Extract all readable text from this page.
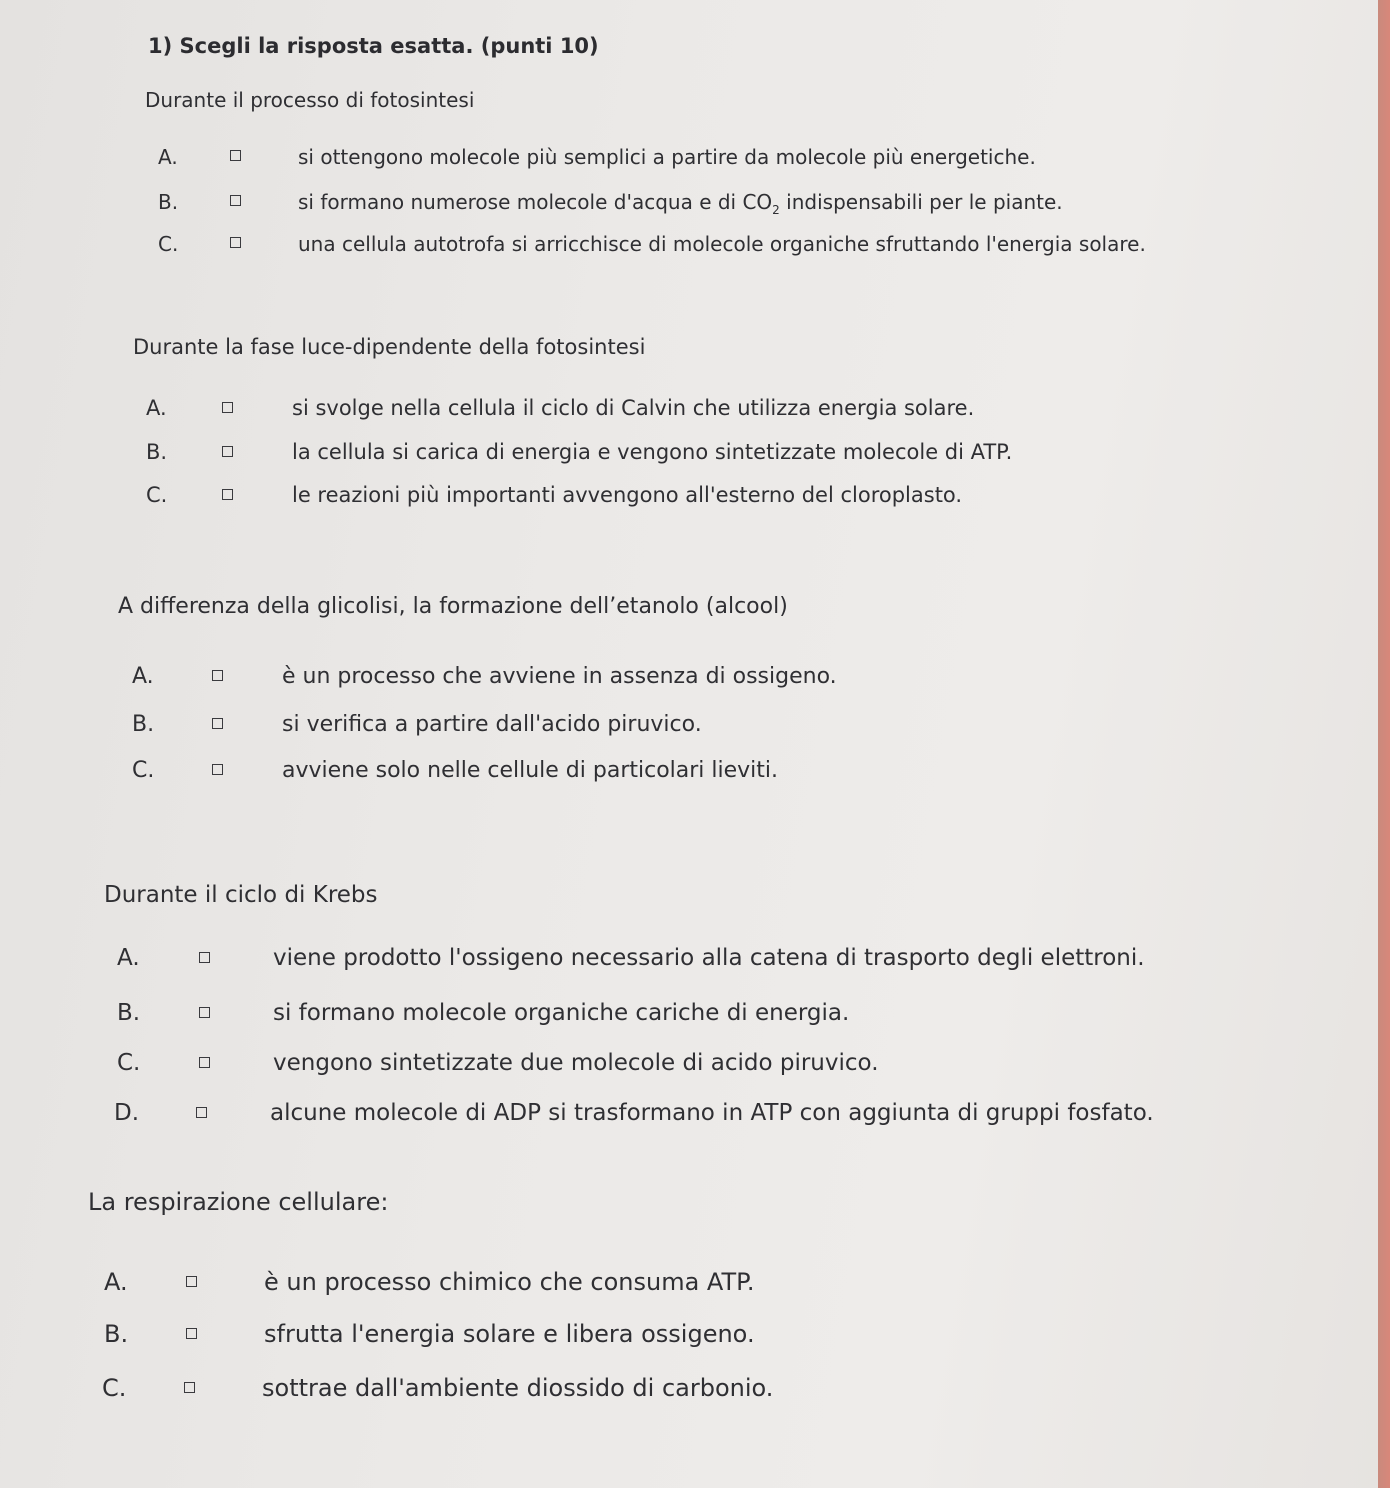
1) Scegli la risposta esatta. (punti 10)
Durante il processo di fotosintesi
A.	si ottengono molecole più semplici a partire da molecole più energetiche.
B.	si formano numerose molecole d'acqua e di $CO_2$ indispensabili per le piante.
C.	una cellula autotrofa si arricchisce di molecole organiche sfruttando l'energia solare.
Durante la fase luce-dipendente della fotosintesi
A.	si svolge nella cellula il ciclo di Calvin che utilizza energia solare.
B.	la cellula si carica di energia e vengono sintetizzate molecole di ATP.
C.	le reazioni più importanti avvengono all'esterno del cloroplasto.
A differenza della glicolisi, la formazione dell’etanolo (alcool)
A.	è un processo che avviene in assenza di ossigeno.
B.	si verifica a partire dall'acido piruvico.
C.	avviene solo nelle cellule di particolari lieviti.
Durante il ciclo di Krebs
A.	viene prodotto l'ossigeno necessario alla catena di trasporto degli elettroni.
B.	si formano molecole organiche cariche di energia.
C.	vengono sintetizzate due molecole di acido piruvico.
D.	alcune molecole di ADP si trasformano in ATP con aggiunta di gruppi fosfato.
La respirazione cellulare:
A.	è un processo chimico che consuma ATP.
B.	sfrutta l'energia solare e libera ossigeno.
C.	sottrae dall'ambiente diossido di carbonio.
